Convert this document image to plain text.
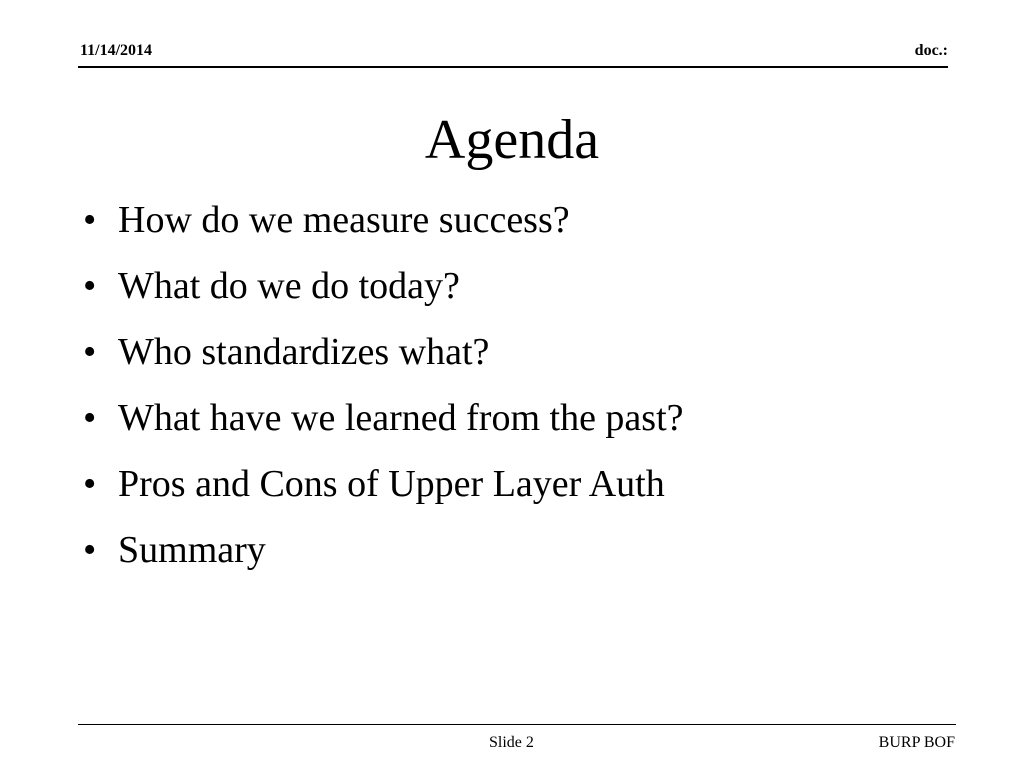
11/14/2014	doc.:
Agenda
• How do we measure success?
• What do we do today?
• Who standardizes what?
• What have we learned from the past?
• Pros and Cons of Upper Layer Auth
• Summary
Slide 2	BURP BOF
